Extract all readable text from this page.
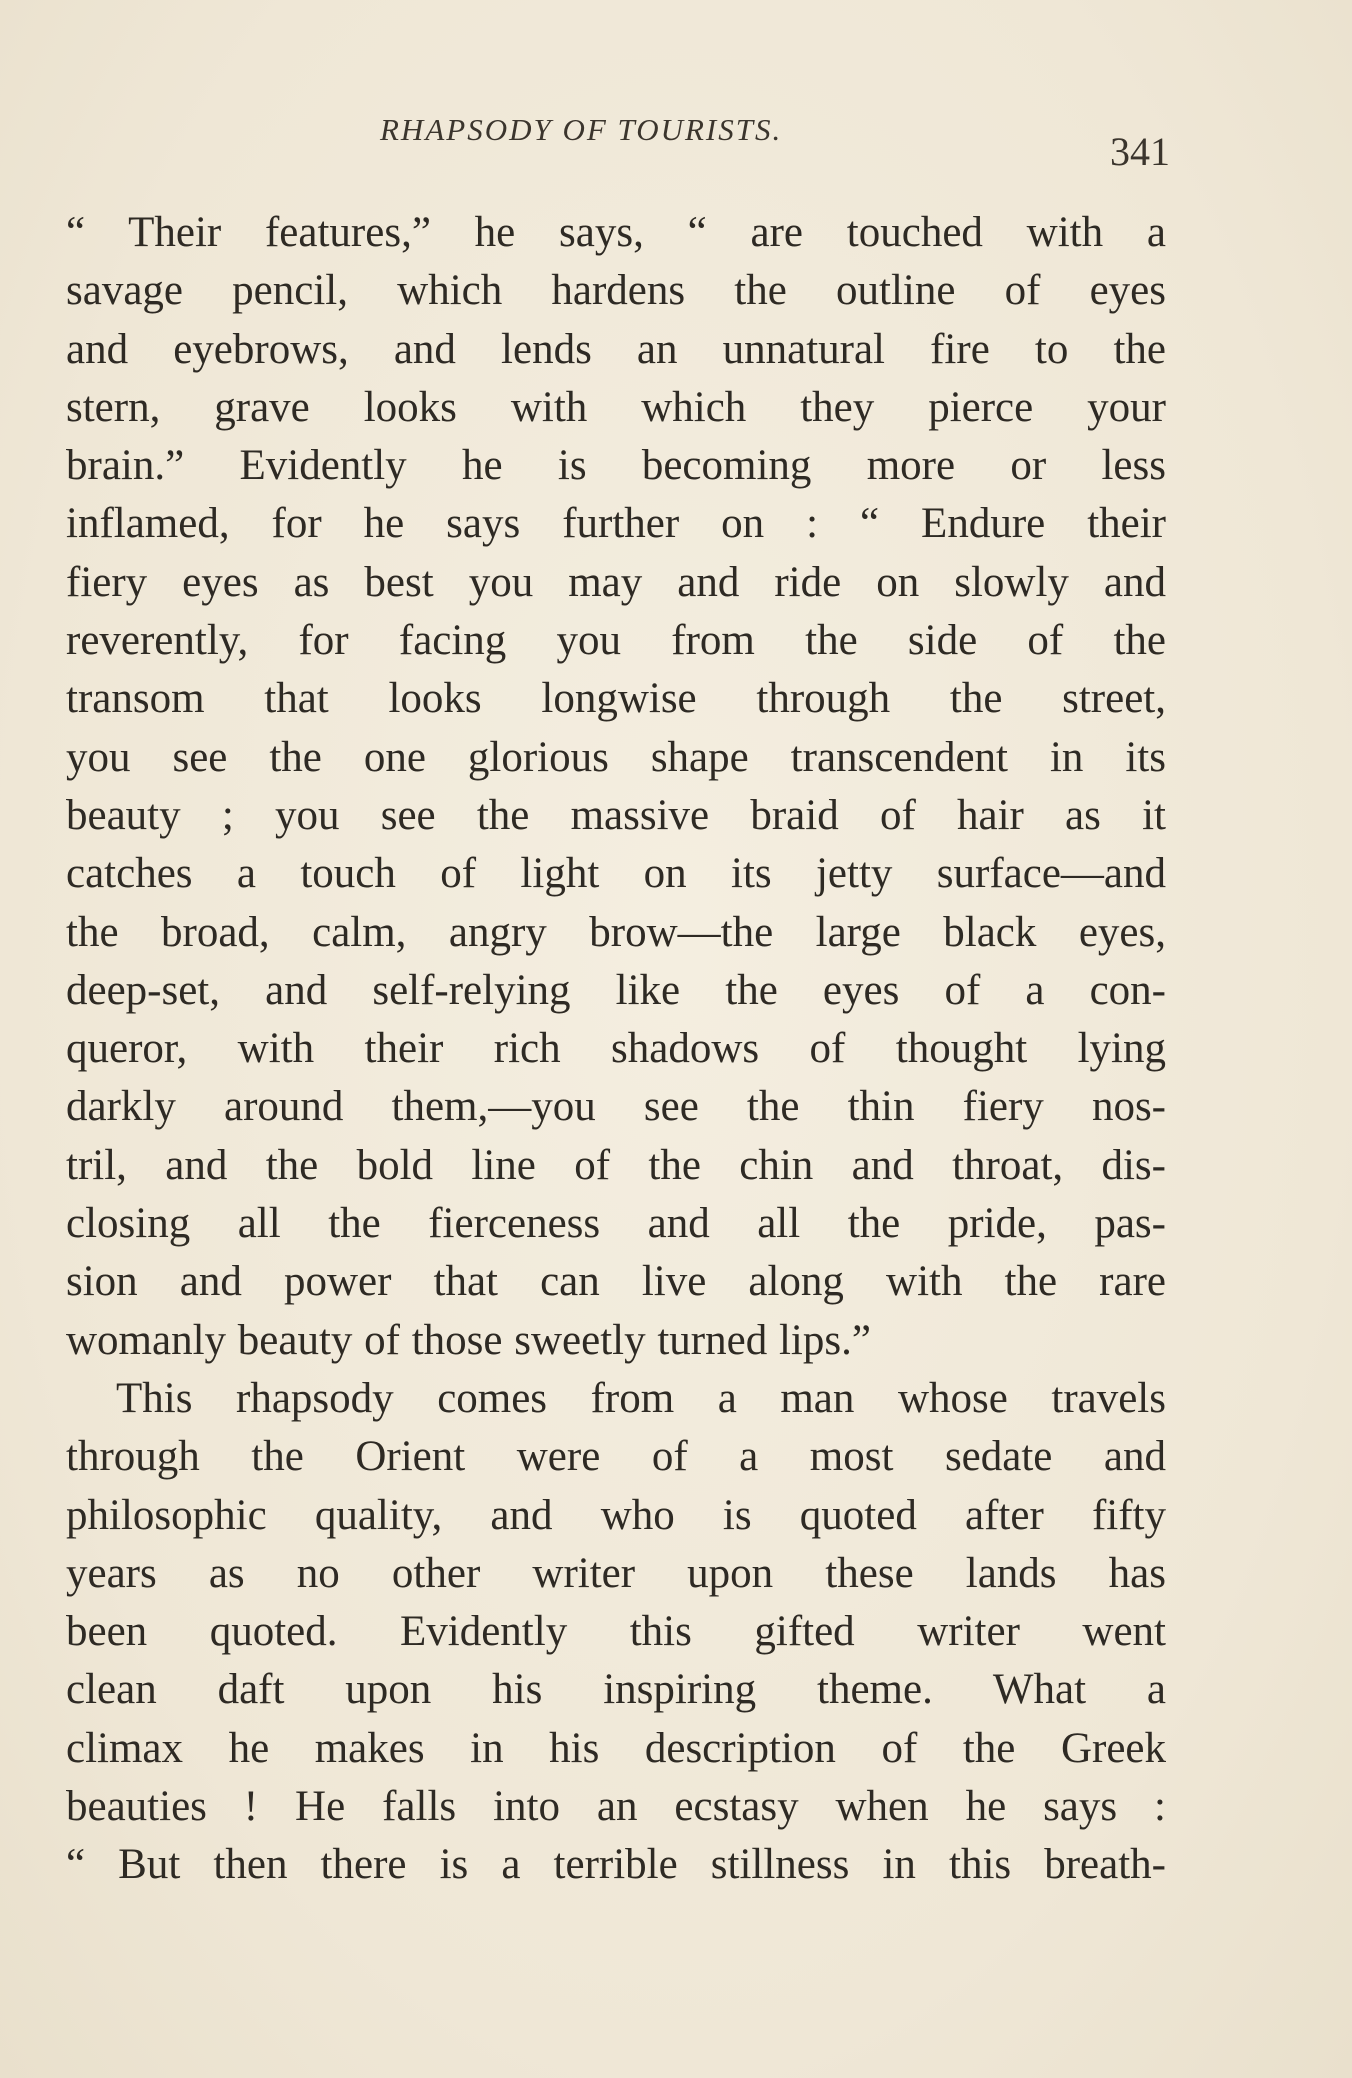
RHAPSODY OF TOURISTS.	341
“ Their features,” he says, “ are touched with a
savage pencil, which hardens the outline of eyes
and eyebrows, and lends an unnatural fire to the
stern, grave looks with which they pierce your
brain.” Evidently he is becoming more or less
inflamed, for he says further on : “ Endure their
fiery eyes as best you may and ride on slowly and
reverently, for facing you from the side of the
transom that looks longwise through the street,
you see the one glorious shape transcendent in its
beauty ; you see the massive braid of hair as it
catches a touch of light on its jetty surface—and
the broad, calm, angry brow—the large black eyes,
deep-set, and self-relying like the eyes of a con-
queror, with their rich shadows of thought lying
darkly around them,—you see the thin fiery nos-
tril, and the bold line of the chin and throat, dis-
closing all the fierceness and all the pride, pas-
sion and power that can live along with the rare
womanly beauty of those sweetly turned lips.”
This rhapsody comes from a man whose travels
through the Orient were of a most sedate and
philosophic quality, and who is quoted after fifty
years as no other writer upon these lands has
been quoted. Evidently this gifted writer went
clean daft upon his inspiring theme. What a
climax he makes in his description of the Greek
beauties ! He falls into an ecstasy when he says :
“ But then there is a terrible stillness in this breath-
